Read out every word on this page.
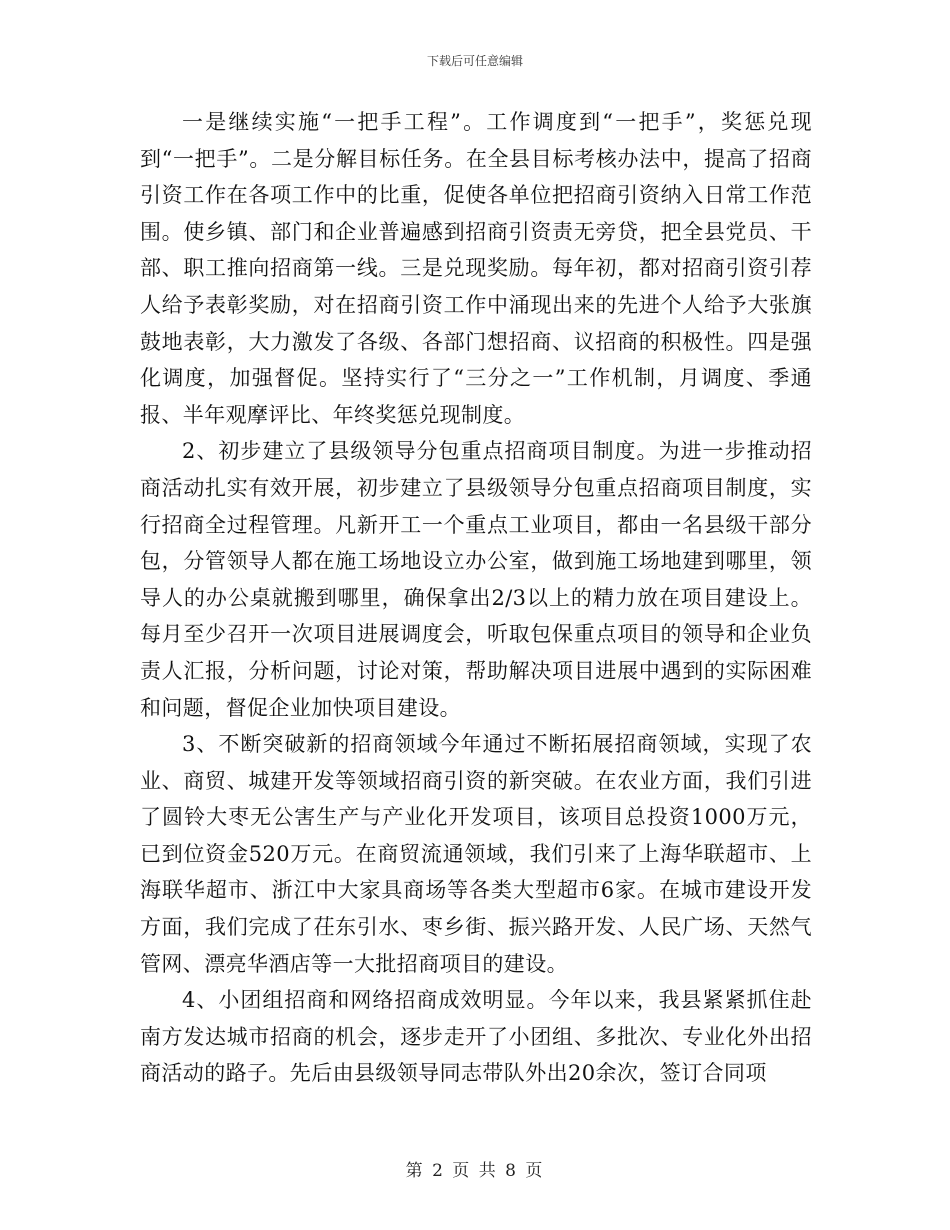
下载后可任意编辑

一是继续实施“一把手工程”。工作调度到“一把手”，奖惩兑现到“一把手”。二是分解目标任务。在全县目标考核办法中，提高了招商引资工作在各项工作中的比重，促使各单位把招商引资纳入日常工作范围。使乡镇、部门和企业普遍感到招商引资责无旁贷，把全县党员、干部、职工推向招商第一线。三是兑现奖励。每年初，都对招商引资引荐人给予表彰奖励，对在招商引资工作中涌现出来的先进个人给予大张旗鼓地表彰，大力激发了各级、各部门想招商、议招商的积极性。四是强化调度，加强督促。坚持实行了“三分之一”工作机制，月调度、季通报、半年观摩评比、年终奖惩兑现制度。

2、初步建立了县级领导分包重点招商项目制度。为进一步推动招商活动扎实有效开展，初步建立了县级领导分包重点招商项目制度，实行招商全过程管理。凡新开工一个重点工业项目，都由一名县级干部分包，分管领导人都在施工场地设立办公室，做到施工场地建到哪里，领导人的办公桌就搬到哪里，确保拿出2/3以上的精力放在项目建设上。每月至少召开一次项目进展调度会，听取包保重点项目的领导和企业负责人汇报，分析问题，讨论对策，帮助解决项目进展中遇到的实际困难和问题，督促企业加快项目建设。

3、不断突破新的招商领域今年通过不断拓展招商领域，实现了农业、商贸、城建开发等领域招商引资的新突破。在农业方面，我们引进了圆铃大枣无公害生产与产业化开发项目，该项目总投资1000万元，已到位资金520万元。在商贸流通领域，我们引来了上海华联超市、上海联华超市、浙江中大家具商场等各类大型超市6家。在城市建设开发方面，我们完成了茌东引水、枣乡街、振兴路开发、人民广场、天然气管网、漂亮华酒店等一大批招商项目的建设。

4、小团组招商和网络招商成效明显。今年以来，我县紧紧抓住赴南方发达城市招商的机会，逐步走开了小团组、多批次、专业化外出招商活动的路子。先后由县级领导同志带队外出20余次，签订合同项

第 2 页 共 8 页
